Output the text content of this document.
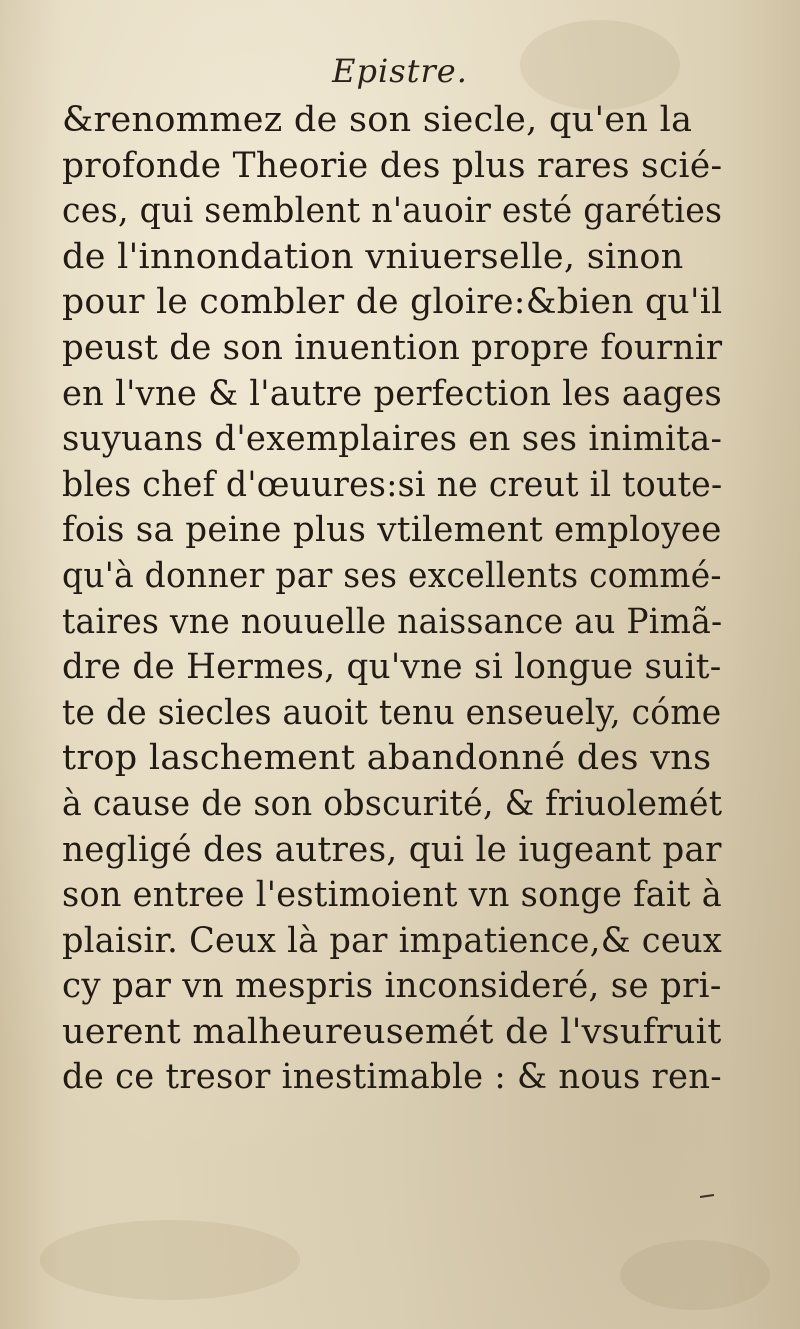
Epistre.
&renommez de son siecle, qu'en la
profonde Theorie des plus rares scié-
ces, qui semblent n'auoir esté garéties
de l'innondation vniuerselle, sinon
pour le combler de gloire:&bien qu'il
peust de son inuention propre fournir
en l'vne & l'autre perfection les aages
suyuans d'exemplaires en ses inimita-
bles chef d'œuures:si ne creut il toute-
fois sa peine plus vtilement employee
qu'à donner par ses excellents commé-
taires vne nouuelle naissance au Pimã-
dre de Hermes, qu'vne si longue suit-
te de siecles auoit tenu enseuely, cóme
trop laschement abandonné des vns
à cause de son obscurité, & friuolemét
negligé des autres, qui le iugeant par
son entree l'estimoient vn songe fait à
plaisir. Ceux là par impatience,& ceux
cy par vn mespris inconsideré, se pri-
uerent malheureusemét de l'vsufruit
de ce tresor inestimable : & nous ren-
